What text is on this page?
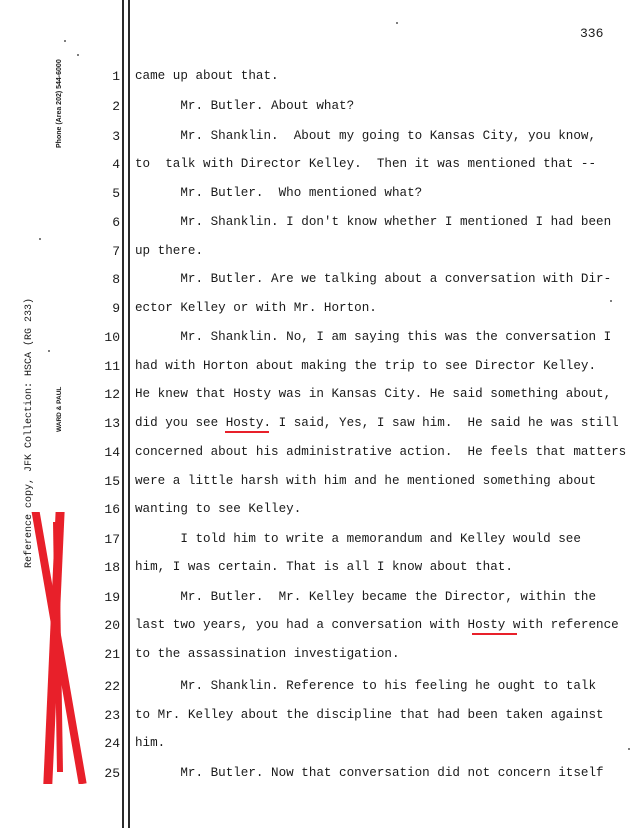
336
Phone (Area 202) 544-6000
WARD & PAUL
Reference copy, JFK Collection: HSCA (RG 233)
1 came up about that.
2 Mr. Butler. About what?
3 Mr. Shanklin.  About my going to Kansas City, you know,
4 to  talk with Director Kelley.  Then it was mentioned that --
5 Mr. Butler.  Who mentioned what?
6 Mr. Shanklin. I don't know whether I mentioned I had been
7 up there.
8 Mr. Butler. Are we talking about a conversation with Dir-
9 ector Kelley or with Mr. Horton.
10 Mr. Shanklin. No, I am saying this was the conversation I
11 had with Horton about making the trip to see Director Kelley.
12 He knew that Hosty was in Kansas City. He said something about,
13 did you see Hosty. I said, Yes, I saw him.  He said he was still
14 concerned about his administrative action.  He feels that matters
15 were a little harsh with him and he mentioned something about
16 wanting to see Kelley.
17 I told him to write a memorandum and Kelley would see
18 him, I was certain. That is all I know about that.
19 Mr. Butler.  Mr. Kelley became the Director, within the
20 last two years, you had a conversation with Hosty with reference
21 to the assassination investigation.
22 Mr. Shanklin. Reference to his feeling he ought to talk
23 to Mr. Kelley about the discipline that had been taken against
24 him.
25 Mr. Butler. Now that conversation did not concern itself
